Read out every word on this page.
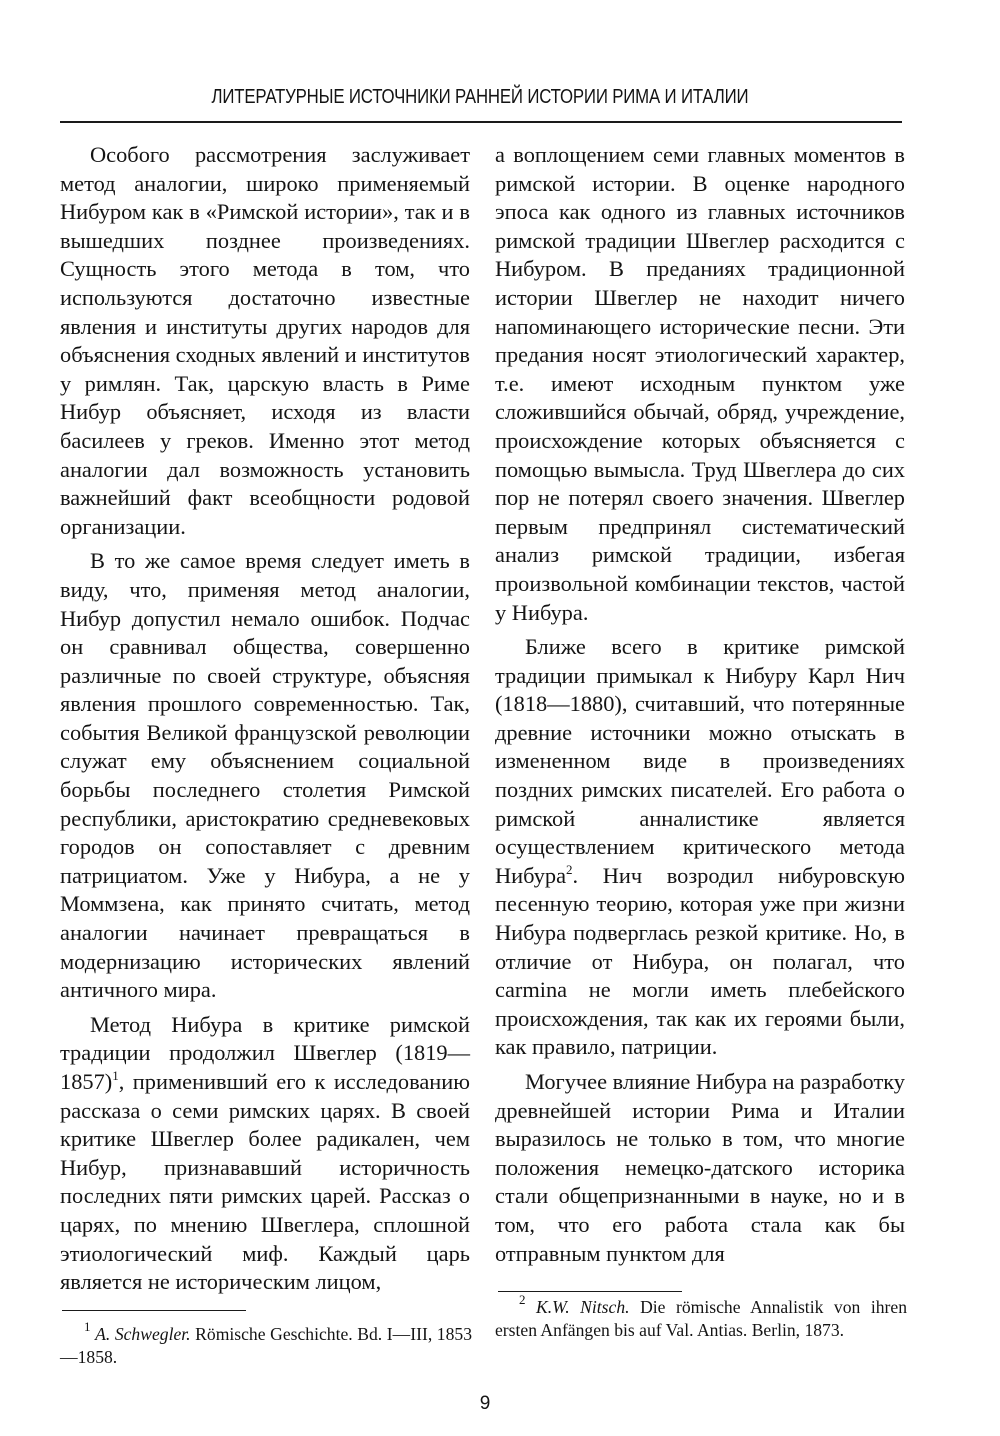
ЛИТЕРАТУРНЫЕ ИСТОЧНИКИ РАННЕЙ ИСТОРИИ РИМА И ИТАЛИИ

Особого рассмотрения заслуживает метод аналогии, широко применяемый Нибуром как в «Римской истории», так и в вышедших позднее произведениях. Сущность этого метода в том, что используются достаточно известные явления и институты других народов для объяснения сходных явлений и институтов у римлян. Так, царскую власть в Риме Нибур объясняет, исходя из власти басилеев у греков. Именно этот метод аналогии дал возможность установить важнейший факт всеобщности родовой организации.

В то же самое время следует иметь в виду, что, применяя метод аналогии, Нибур допустил немало ошибок. Подчас он сравнивал общества, совершенно различные по своей структуре, объясняя явления прошлого современностью. Так, события Великой французской революции служат ему объяснением социальной борьбы последнего столетия Римской республики, аристократию средневековых городов он сопоставляет с древним патрициатом. Уже у Нибура, а не у Моммзена, как принято считать, метод аналогии начинает превращаться в модернизацию исторических явлений античного мира.

Метод Нибура в критике римской традиции продолжил Швеглер (1819—1857)$^1$, применивший его к исследованию рассказа о семи римских царях. В своей критике Швеглер более радикален, чем Нибур, признававший историчность последних пяти римских царей. Рассказ о царях, по мнению Швеглера, сплошной этиологический миф. Каждый царь является не историческим лицом,

а воплощением семи главных моментов в римской истории. В оценке народного эпоса как одного из главных источников римской традиции Швеглер расходится с Нибуром. В преданиях традиционной истории Швеглер не находит ничего напоминающего исторические песни. Эти предания носят этиологический характер, т.е. имеют исходным пунктом уже сложившийся обычай, обряд, учреждение, происхождение которых объясняется с помощью вымысла. Труд Швеглера до сих пор не потерял своего значения. Швеглер первым предпринял систематический анализ римской традиции, избегая произвольной комбинации текстов, частой у Нибура.

Ближе всего в критике римской традиции примыкал к Нибуру Карл Нич (1818—1880), считавший, что потерянные древние источники можно отыскать в измененном виде в произведениях поздних римских писателей. Его работа о римской анналистике является осуществлением критического метода Нибура$^2$. Нич возродил нибуровскую песенную теорию, которая уже при жизни Нибура подверглась резкой критике. Но, в отличие от Нибура, он полагал, что carmina не могли иметь плебейского происхождения, так как их героями были, как правило, патриции.

Могучее влияние Нибура на разработку древнейшей истории Рима и Италии выразилось не только в том, что многие положения немецко-датского историка стали общепризнанными в науке, но и в том, что его работа стала как бы отправным пунктом для

$^1$ A. Schwegler. Römische Geschichte. Bd. I—III, 1853—1858.

$^2$ K.W. Nitsch. Die römische Annalistik von ihren ersten Anfängen bis auf Val. Antias. Berlin, 1873.

9
